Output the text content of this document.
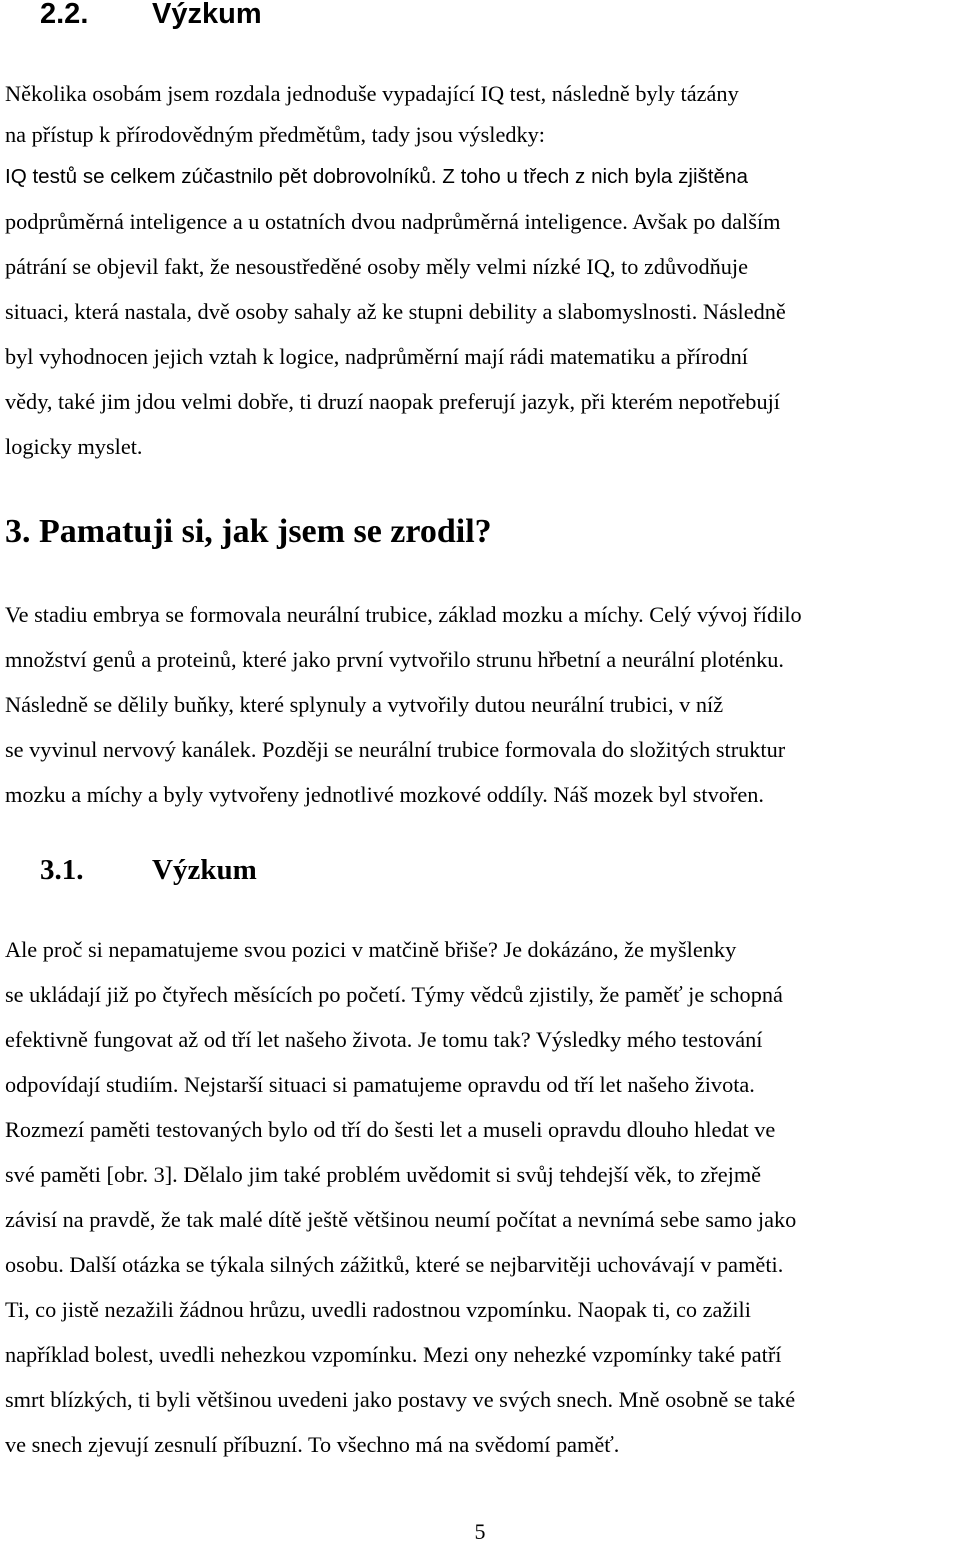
2.2. Výzkum
Několika osobám jsem rozdala jednoduše vypadající IQ test, následně byly tázány
na přístup k přírodovědným předmětům, tady jsou výsledky:
IQ testů se celkem zúčastnilo pět dobrovolníků. Z toho u třech z nich byla zjištěna
podprůměrná inteligence a u ostatních dvou nadprůměrná inteligence. Avšak po dalším
pátrání se objevil fakt, že nesoustředěné osoby měly velmi nízké IQ, to zdůvodňuje
situaci, která nastala, dvě osoby sahaly až ke stupni debility a slabomyslnosti. Následně
byl vyhodnocen jejich vztah k logice, nadprůměrní mají rádi matematiku a přírodní
vědy, také jim jdou velmi dobře, ti druzí naopak preferují jazyk, při kterém nepotřebují
logicky myslet.
3. Pamatuji si, jak jsem se zrodil?
Ve stadiu embrya se formovala neurální trubice, základ mozku a míchy. Celý vývoj řídilo
množství genů a proteinů, které jako první vytvořilo strunu hřbetní a neurální ploténku.
Následně se dělily buňky, které splynuly a vytvořily dutou neurální trubici, v níž
se vyvinul nervový kanálek. Později se neurální trubice formovala do složitých struktur
mozku a míchy a byly vytvořeny jednotlivé mozkové oddíly. Náš mozek byl stvořen.
3.1. Výzkum
Ale proč si nepamatujeme svou pozici v matčině břiše? Je dokázáno, že myšlenky
se ukládají již po čtyřech měsících po početí. Týmy vědců zjistily, že paměť je schopná
efektivně fungovat až od tří let našeho života. Je tomu tak? Výsledky mého testování
odpovídají studiím. Nejstarší situaci si pamatujeme opravdu od tří let našeho života.
Rozmezí paměti testovaných bylo od tří do šesti let a museli opravdu dlouho hledat ve
své paměti [obr. 3]. Dělalo jim také problém uvědomit si svůj tehdejší věk, to zřejmě
závisí na pravdě, že tak malé dítě ještě většinou neumí počítat a nevnímá sebe samo jako
osobu. Další otázka se týkala silných zážitků, které se nejbarvitěji uchovávají v paměti.
Ti, co jistě nezažili žádnou hrůzu, uvedli radostnou vzpomínku. Naopak ti, co zažili
například bolest, uvedli nehezkou vzpomínku. Mezi ony nehezké vzpomínky také patří
smrt blízkých, ti byli většinou uvedeni jako postavy ve svých snech. Mně osobně se také
ve snech zjevují zesnulí příbuzní. To všechno má na svědomí paměť.
5
